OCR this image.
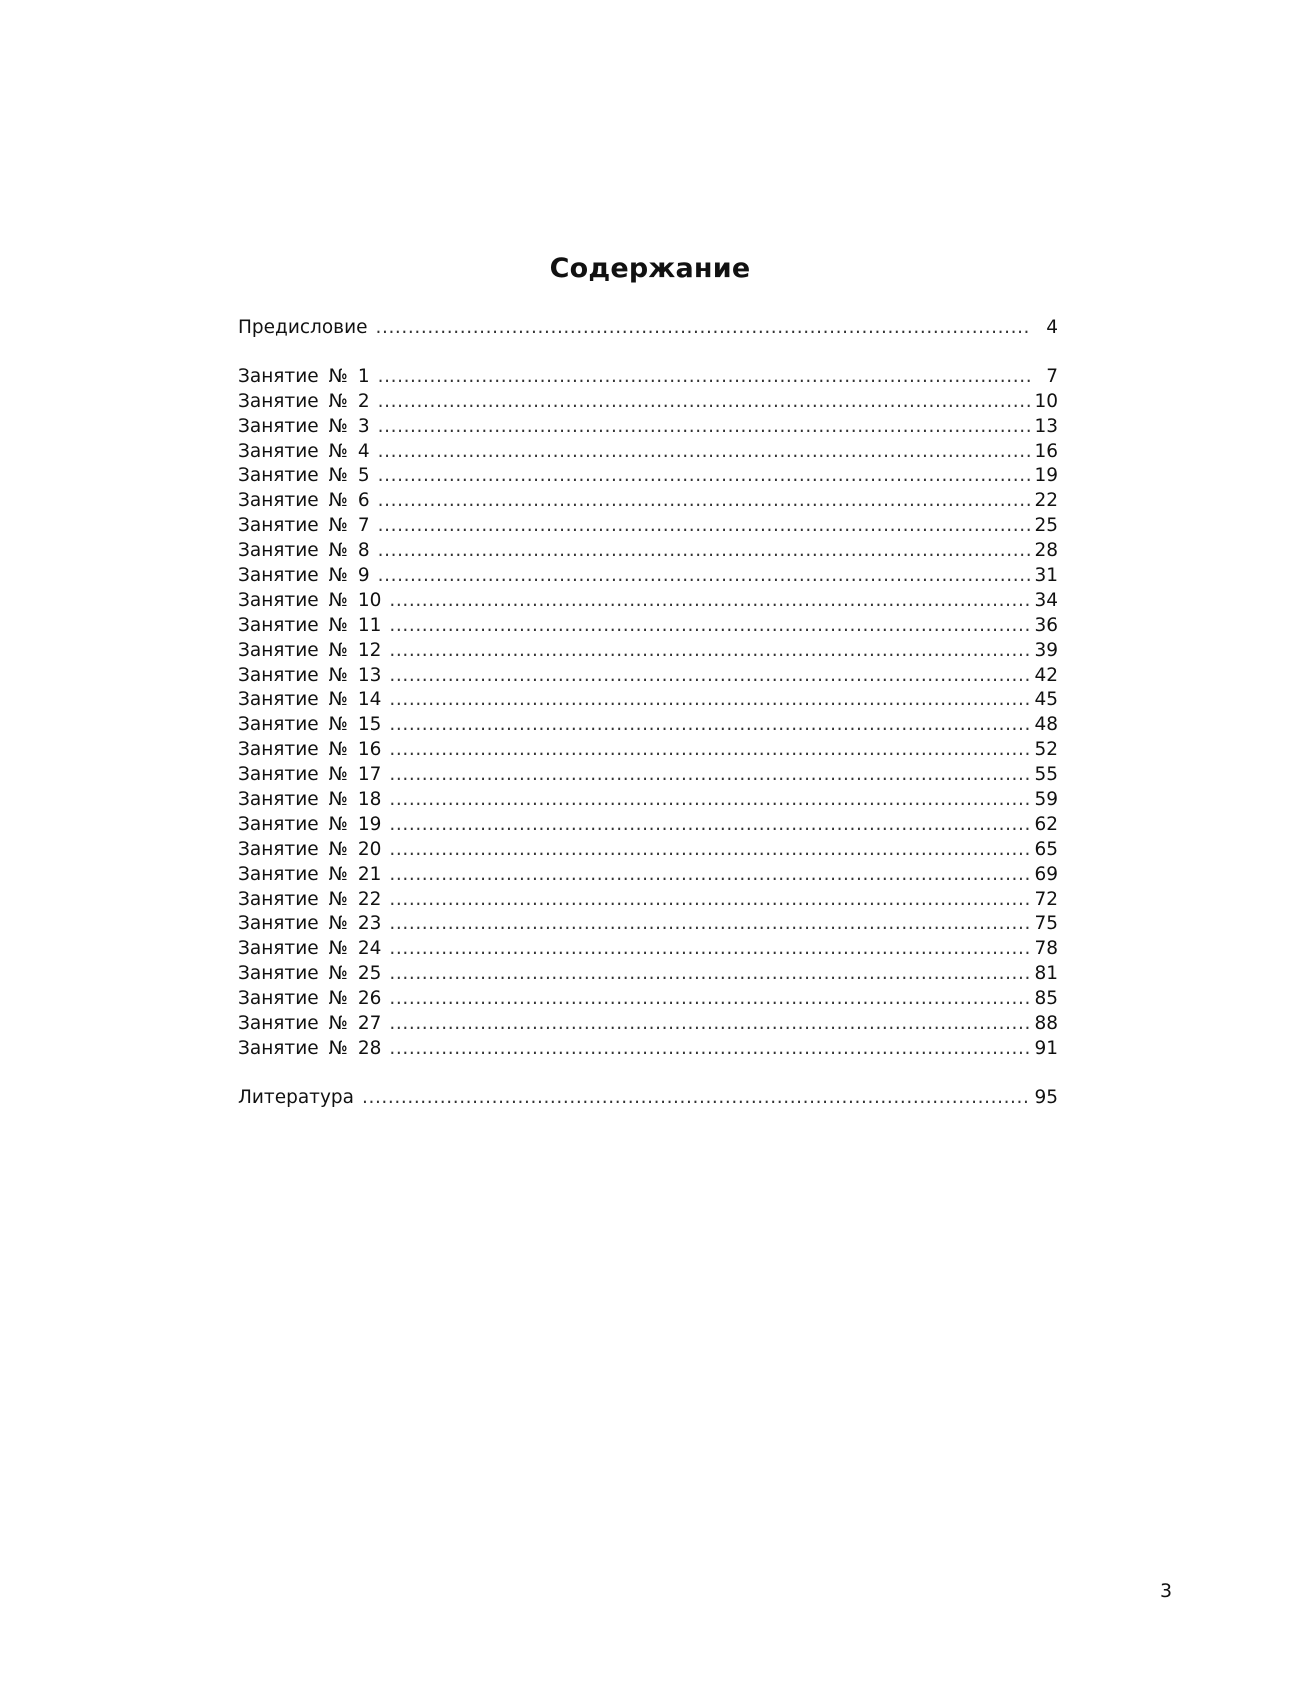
Содержание
Предисловие .....	4
Занятие № 1 .....	7
Занятие № 2 .....	10
Занятие № 3 .....	13
Занятие № 4 .....	16
Занятие № 5 .....	19
Занятие № 6 .....	22
Занятие № 7 .....	25
Занятие № 8 .....	28
Занятие № 9 .....	31
Занятие № 10 .....	34
Занятие № 11 .....	36
Занятие № 12 .....	39
Занятие № 13 .....	42
Занятие № 14 .....	45
Занятие № 15 .....	48
Занятие № 16 .....	52
Занятие № 17 .....	55
Занятие № 18 .....	59
Занятие № 19 .....	62
Занятие № 20 .....	65
Занятие № 21 .....	69
Занятие № 22 .....	72
Занятие № 23 .....	75
Занятие № 24 .....	78
Занятие № 25 .....	81
Занятие № 26 .....	85
Занятие № 27 .....	88
Занятие № 28 .....	91
Литература .....	95
3
